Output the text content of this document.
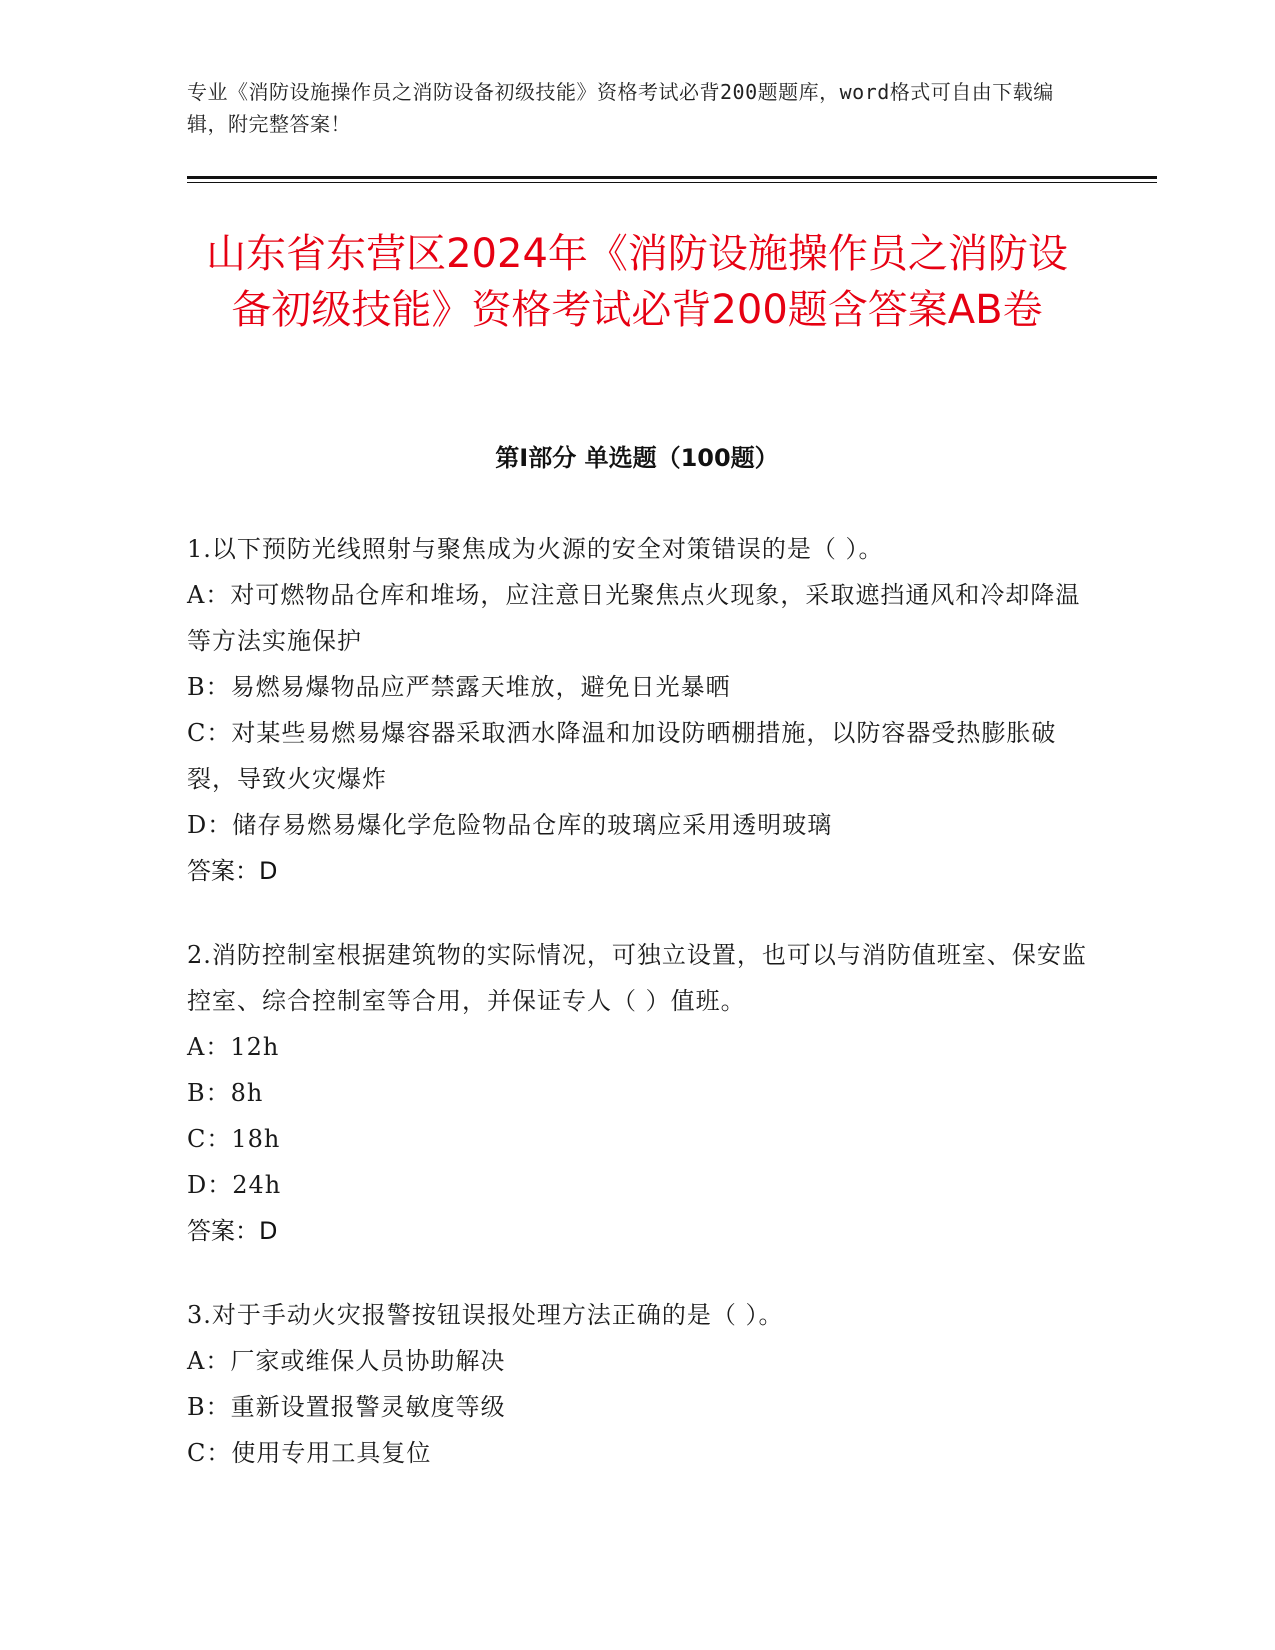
专业《消防设施操作员之消防设备初级技能》资格考试必背200题题库，word格式可自由下载编辑，附完整答案！
山东省东营区2024年《消防设施操作员之消防设备初级技能》资格考试必背200题含答案AB卷
第I部分 单选题（100题）
1.以下预防光线照射与聚焦成为火源的安全对策错误的是（ ）。
A：对可燃物品仓库和堆场，应注意日光聚焦点火现象，采取遮挡通风和冷却降温等方法实施保护
B：易燃易爆物品应严禁露天堆放，避免日光暴晒
C：对某些易燃易爆容器采取洒水降温和加设防晒棚措施，以防容器受热膨胀破裂，导致火灾爆炸
D：储存易燃易爆化学危险物品仓库的玻璃应采用透明玻璃
答案：D
2.消防控制室根据建筑物的实际情况，可独立设置，也可以与消防值班室、保安监控室、综合控制室等合用，并保证专人（ ）值班。
A：12h
B：8h
C：18h
D：24h
答案：D
3.对于手动火灾报警按钮误报处理方法正确的是（ ）。
A：厂家或维保人员协助解决
B：重新设置报警灵敏度等级
C：使用专用工具复位
